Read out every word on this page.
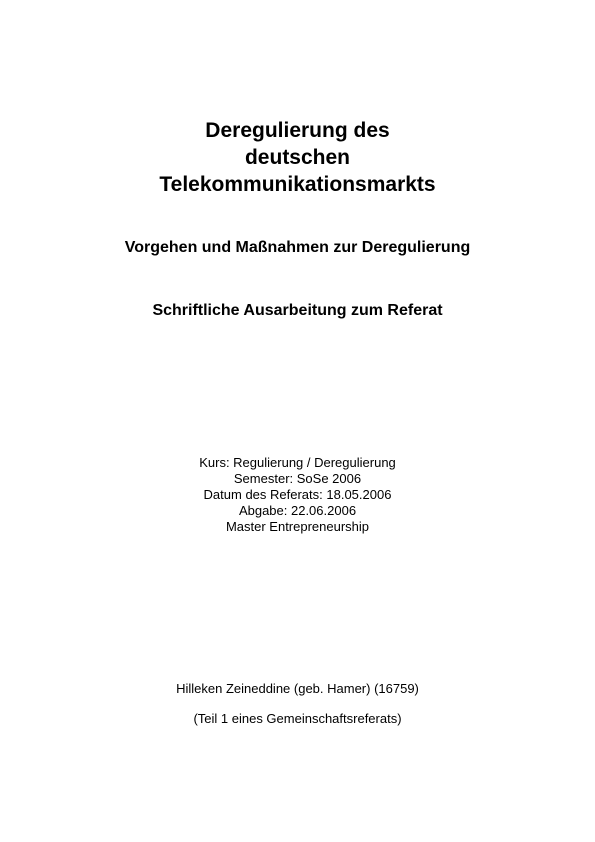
Deregulierung des
deutschen
Telekommunikationsmarkts
Vorgehen und Maßnahmen zur Deregulierung
Schriftliche Ausarbeitung zum Referat
Kurs: Regulierung / Deregulierung
Semester: SoSe 2006
Datum des Referats: 18.05.2006
Abgabe: 22.06.2006
Master Entrepreneurship
Hilleken Zeineddine (geb. Hamer) (16759)
(Teil 1 eines Gemeinschaftsreferats)
